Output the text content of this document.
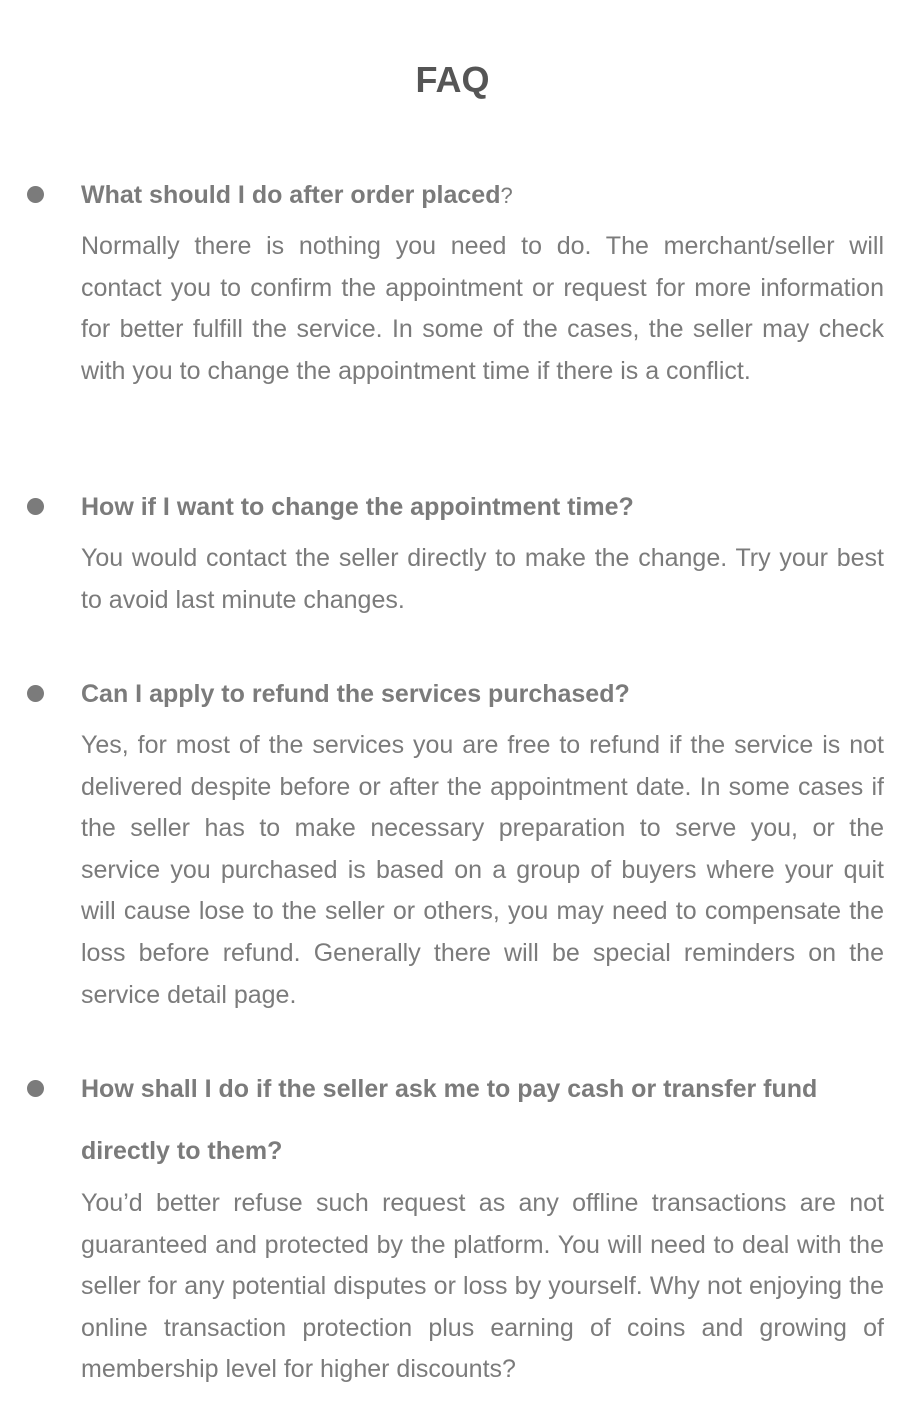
FAQ

What should I do after order placed?

Normally there is nothing you need to do. The merchant/seller will contact you to confirm the appointment or request for more information for better fulfill the service. In some of the cases, the seller may check with you to change the appointment time if there is a conflict.

How if I want to change the appointment time?

You would contact the seller directly to make the change. Try your best to avoid last minute changes.

Can I apply to refund the services purchased?

Yes, for most of the services you are free to refund if the service is not delivered despite before or after the appointment date. In some cases if the seller has to make necessary preparation to serve you, or the service you purchased is based on a group of buyers where your quit will cause lose to the seller or others, you may need to compensate the loss before refund. Generally there will be special reminders on the service detail page.

How shall I do if the seller ask me to pay cash or transfer fund directly to them?

You’d better refuse such request as any offline transactions are not guaranteed and protected by the platform. You will need to deal with the seller for any potential disputes or loss by yourself. Why not enjoying the online transaction protection plus earning of coins and growing of membership level for higher discounts?
